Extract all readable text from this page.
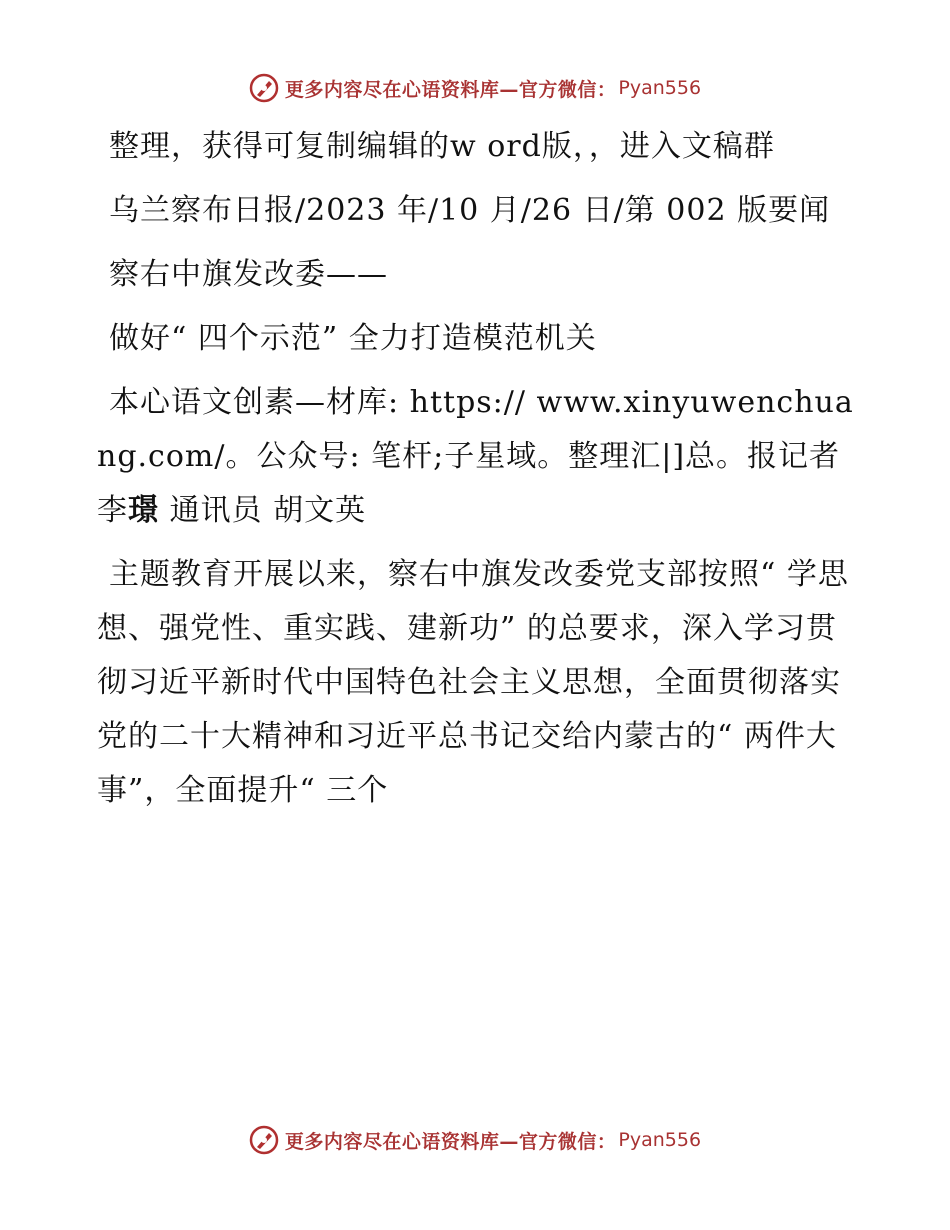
更多内容尽在心语资料库—官方微信： Pyan556

整理，获得可复制编辑的w ord版，，进入文稿群

乌兰察布日报/2023 年/10 月/26 日/第 002 版要闻

察右中旗发改委——

做好“ 四个示范” 全力打造模范机关

本心语文创素—材库: https:// www.xinyuwenchuang.com/。公众号: 笔杆;子星域。整理汇|]总。报记者 李璟 通讯员 胡文英

主题教育开展以来，察右中旗发改委党支部按照“ 学思想、强党性、重实践、建新功” 的总要求，深入学习贯彻习近平新时代中国特色社会主义思想，全面贯彻落实党的二十大精神和习近平总书记交给内蒙古的“ 两件大事”，全面提升“ 三个

更多内容尽在心语资料库—官方微信： Pyan556
